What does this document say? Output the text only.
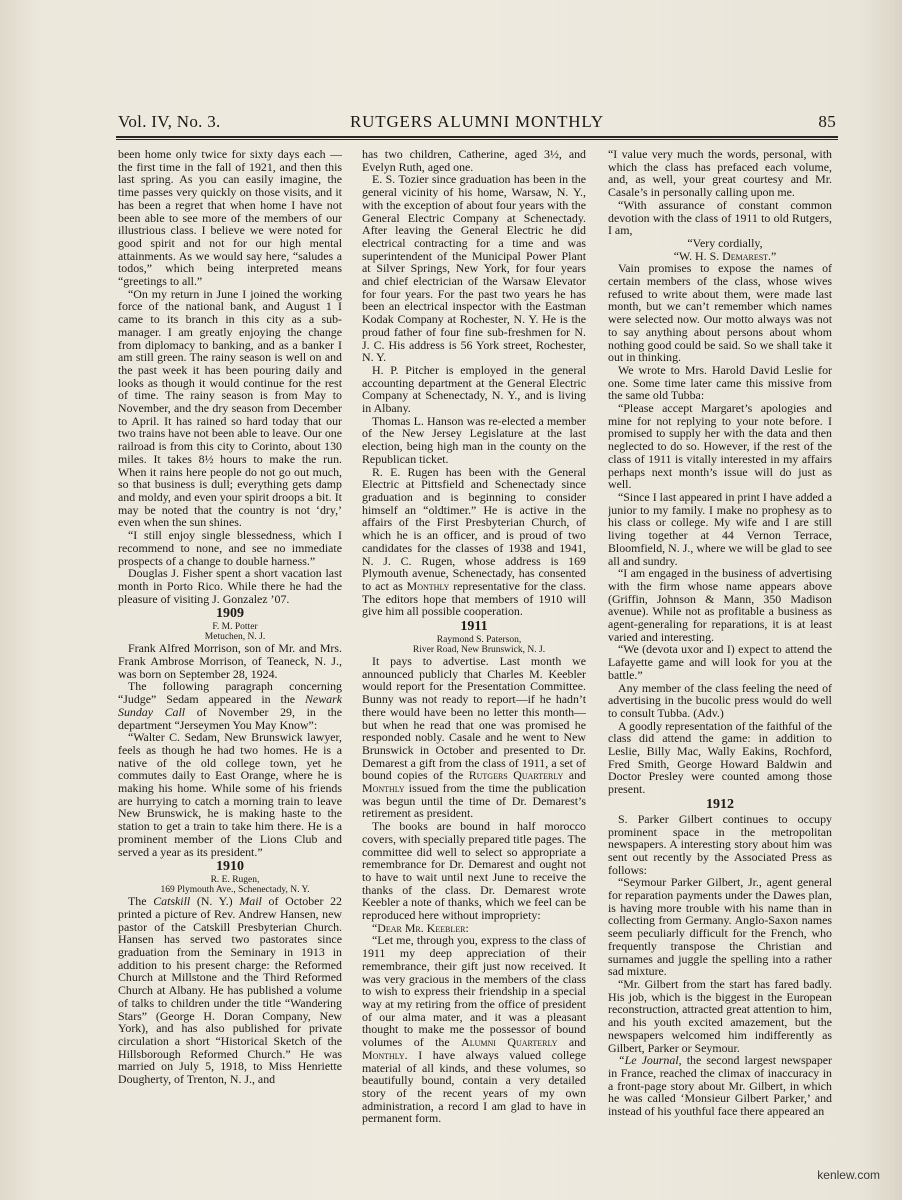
Vol. IV, No. 3.	RUTGERS ALUMNI MONTHLY	85

been home only twice for sixty days each —the first time in the fall of 1921, and then this last spring. As you can easily imagine, the time passes very quickly on those visits, and it has been a regret that when home I have not been able to see more of the members of our illustrious class. I believe we were noted for good spirit and not for our high mental attainments. As we would say here, “saludes a todos,” which being interpreted means “greetings to all.”

“On my return in June I joined the working force of the national bank, and August 1 I came to its branch in this city as a sub-manager. I am greatly enjoying the change from diplomacy to banking, and as a banker I am still green. The rainy season is well on and the past week it has been pouring daily and looks as though it would continue for the rest of time. The rainy season is from May to November, and the dry season from December to April. It has rained so hard today that our two trains have not been able to leave. Our one railroad is from this city to Corinto, about 130 miles. It takes 8½ hours to make the run. When it rains here people do not go out much, so that business is dull; everything gets damp and moldy, and even your spirit droops a bit. It may be noted that the country is not ‘dry,’ even when the sun shines.

“I still enjoy single blessedness, which I recommend to none, and see no immediate prospects of a change to double harness.”

Douglas J. Fisher spent a short vacation last month in Porto Rico. While there he had the pleasure of visiting J. Gonzalez ’07.

1909

F. M. Potter

Metuchen, N. J.

Frank Alfred Morrison, son of Mr. and Mrs. Frank Ambrose Morrison, of Teaneck, N. J., was born on September 28, 1924.

The following paragraph concerning “Judge” Sedam appeared in the Newark Sunday Call of November 29, in the department “Jerseymen You May Know”:

“Walter C. Sedam, New Brunswick lawyer, feels as though he had two homes. He is a native of the old college town, yet he commutes daily to East Orange, where he is making his home. While some of his friends are hurrying to catch a morning train to leave New Brunswick, he is making haste to the station to get a train to take him there. He is a prominent member of the Lions Club and served a year as its president.”

1910

R. E. Rugen,

169 Plymouth Ave., Schenectady, N. Y.

The Catskill (N. Y.) Mail of October 22 printed a picture of Rev. Andrew Hansen, new pastor of the Catskill Presbyterian Church. Hansen has served two pastorates since graduation from the Seminary in 1913 in addition to his present charge: the Reformed Church at Millstone and the Third Reformed Church at Albany. He has published a volume of talks to children under the title “Wandering Stars” (George H. Doran Company, New York), and has also published for private circulation a short “Historical Sketch of the Hillsborough Reformed Church.” He was married on July 5, 1918, to Miss Henriette Dougherty, of Trenton, N. J., and

has two children, Catherine, aged 3½, and Evelyn Ruth, aged one.

E. S. Tozier since graduation has been in the general vicinity of his home, Warsaw, N. Y., with the exception of about four years with the General Electric Company at Schenectady. After leaving the General Electric he did electrical contracting for a time and was superintendent of the Municipal Power Plant at Silver Springs, New York, for four years and chief electrician of the Warsaw Elevator for four years. For the past two years he has been an electrical inspector with the Eastman Kodak Company at Rochester, N. Y. He is the proud father of four fine sub-freshmen for N. J. C. His address is 56 York street, Rochester, N. Y.

H. P. Pitcher is employed in the general accounting department at the General Electric Company at Schenectady, N. Y., and is living in Albany.

Thomas L. Hanson was re-elected a member of the New Jersey Legislature at the last election, being high man in the county on the Republican ticket.

R. E. Rugen has been with the General Electric at Pittsfield and Schenectady since graduation and is beginning to consider himself an “oldtimer.” He is active in the affairs of the First Presbyterian Church, of which he is an officer, and is proud of two candidates for the classes of 1938 and 1941, N. J. C. Rugen, whose address is 169 Plymouth avenue, Schenectady, has consented to act as Monthly representative for the class. The editors hope that members of 1910 will give him all possible cooperation.

1911

Raymond S. Paterson,

River Road, New Brunswick, N. J.

It pays to advertise. Last month we announced publicly that Charles M. Keebler would report for the Presentation Committee. Bunny was not ready to report—if he hadn’t there would have been no letter this month—but when he read that one was promised he responded nobly. Casale and he went to New Brunswick in October and presented to Dr. Demarest a gift from the class of 1911, a set of bound copies of the Rutgers Quarterly and Monthly issued from the time the publication was begun until the time of Dr. Demarest’s retirement as president.

The books are bound in half morocco covers, with specially prepared title pages. The committee did well to select so appropriate a remembrance for Dr. Demarest and ought not to have to wait until next June to receive the thanks of the class. Dr. Demarest wrote Keebler a note of thanks, which we feel can be reproduced here without impropriety:

“Dear Mr. Keebler:

“Let me, through you, express to the class of 1911 my deep appreciation of their remembrance, their gift just now received. It was very gracious in the members of the class to wish to express their friendship in a special way at my retiring from the office of president of our alma mater, and it was a pleasant thought to make me the possessor of bound volumes of the Alumni Quarterly and Monthly. I have always valued college material of all kinds, and these volumes, so beautifully bound, contain a very detailed story of the recent years of my own administration, a record I am glad to have in permanent form.

“I value very much the words, personal, with which the class has prefaced each volume, and, as well, your great courtesy and Mr. Casale’s in personally calling upon me.

“With assurance of constant common devotion with the class of 1911 to old Rutgers, I am,

“Very cordially,

“W. H. S. Demarest.”

Vain promises to expose the names of certain members of the class, whose wives refused to write about them, were made last month, but we can’t remember which names were selected now. Our motto always was not to say anything about persons about whom nothing good could be said. So we shall take it out in thinking.

We wrote to Mrs. Harold David Leslie for one. Some time later came this missive from the same old Tubba:

“Please accept Margaret’s apologies and mine for not replying to your note before. I promised to supply her with the data and then neglected to do so. However, if the rest of the class of 1911 is vitally interested in my affairs perhaps next month’s issue will do just as well.

“Since I last appeared in print I have added a junior to my family. I make no prophesy as to his class or college. My wife and I are still living together at 44 Vernon Terrace, Bloomfield, N. J., where we will be glad to see all and sundry.

“I am engaged in the business of advertising with the firm whose name appears above (Griffin, Johnson & Mann, 350 Madison avenue). While not as profitable a business as agent-generaling for reparations, it is at least varied and interesting.

“We (devota uxor and I) expect to attend the Lafayette game and will look for you at the battle.”

Any member of the class feeling the need of advertising in the bucolic press would do well to consult Tubba. (Adv.)

A goodly representation of the faithful of the class did attend the game: in addition to Leslie, Billy Mac, Wally Eakins, Rochford, Fred Smith, George Howard Baldwin and Doctor Presley were counted among those present.

1912

S. Parker Gilbert continues to occupy prominent space in the metropolitan newspapers. A interesting story about him was sent out recently by the Associated Press as follows:

“Seymour Parker Gilbert, Jr., agent general for reparation payments under the Dawes plan, is having more trouble with his name than in collecting from Germany. Anglo-Saxon names seem peculiarly difficult for the French, who frequently transpose the Christian and surnames and juggle the spelling into a rather sad mixture.

“Mr. Gilbert from the start has fared badly. His job, which is the biggest in the European reconstruction, attracted great attention to him, and his youth excited amazement, but the newspapers welcomed him indifferently as Gilbert, Parker or Seymour.

“Le Journal, the second largest newspaper in France, reached the climax of inaccuracy in a front-page story about Mr. Gilbert, in which he was called ‘Monsieur Gilbert Parker,’ and instead of his youthful face there appeared an

kenlew.com
